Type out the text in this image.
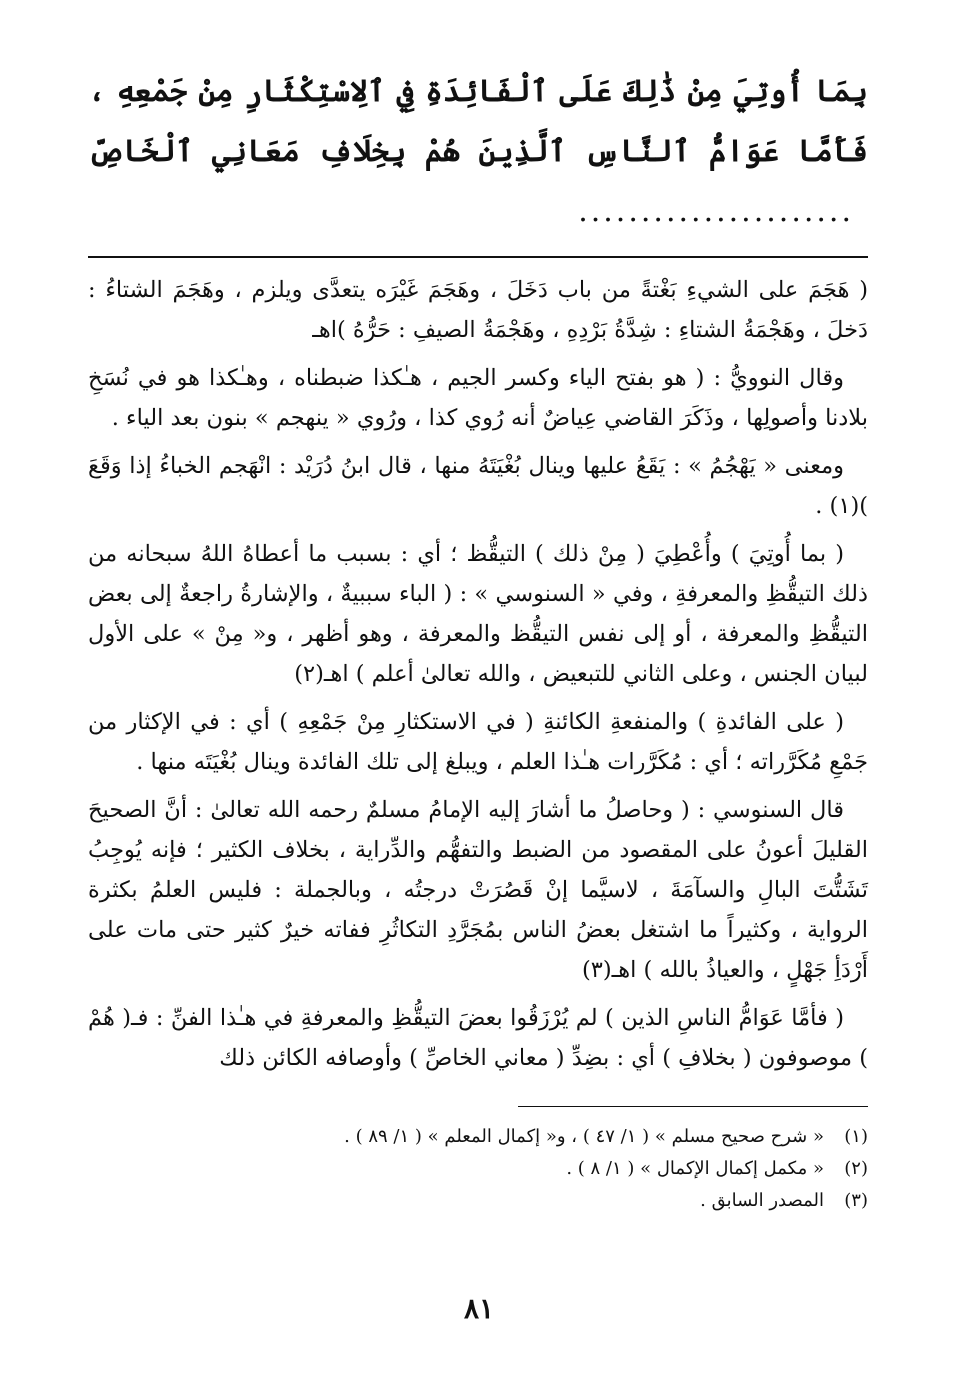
بِمَا أُوتِيَ مِنْ ذَٰلِكَ عَلَى ٱلْفَائِدَةِ فِي ٱلِاسْتِكْثَارِ مِنْ جَمْعِهِ ، فَأَمَّا عَوَامُّ ٱلنَّاسِ ٱلَّذِينَ هُمْ بِخِلَافِ مَعَانِي ٱلْخَاصِّ......................

( هَجَمَ على الشيءِ بَغْتةً من باب دَخَلَ ، وهَجَمَ غَيْرَه يتعدَّى ويلزم ، وهَجَمَ الشتاءُ : دَخلَ ، وهَجْمَةُ الشتاءِ : شِدَّةُ بَرْدِهِ ، وهَجْمَةُ الصيفِ : حَرُّهُ )اهـ

وقال النوويُّ : ( هو بفتح الياء وكسر الجيم ، هـٰكذا ضبطناه ، وهـٰكذا هو في نُسَخِ بلادنا وأصولِها ، وذَكَرَ القاضي عِياضٌ أنه رُوي كذا ، ورُوي « ينهجم » بنون بعد الياء .

ومعنى « يَهْجُمُ » : يَقَعُ عليها وينال بُغْيَتَهُ منها ، قال ابنُ دُرَيْد : انْهَجم الخباءُ إذا وَقَعَ )(١) .

( بما أُوتِيَ ) وأُعْطِيَ ( مِنْ ذلك ) التيقُّظ ؛ أي : بسبب ما أعطاهُ اللهُ سبحانه من ذلك التيقُّظِ والمعرفةِ ، وفي « السنوسي » : ( الباء سببيةٌ ، والإشارةُ راجعةٌ إلى بعض التيقُّظِ والمعرفة ، أو إلى نفس التيقُّظ والمعرفة ، وهو أظهر ، و« مِنْ » على الأول لبيان الجنس ، وعلى الثاني للتبعيض ، والله تعالىٰ أعلم ) اهـ(٢)

( على الفائدةِ ) والمنفعةِ الكائنةِ ( في الاستكثارِ مِنْ جَمْعِهِ ) أي : في الإكثار من جَمْعِ مُكَرَّراته ؛ أي : مُكَرَّرات هـٰذا العلم ، ويبلغ إلى تلك الفائدة وينال بُغْيَتَه منها .

قال السنوسي : ( وحاصلُ ما أشارَ إليه الإمامُ مسلمٌ رحمه الله تعالىٰ : أنَّ الصحيحَ القليلَ أعونُ على المقصود من الضبط والتفهُّم والدِّراية ، بخلاف الكثير ؛ فإنه يُوجِبُ تَشَتُّتَ البالِ والسآمَةَ ، لاسيَّما إنْ قَصُرَتْ درجتُه ، وبالجملة : فليس العلمُ بكثرة الرواية ، وكثيراً ما اشتغل بعضُ الناس بمُجَرَّدِ التكاثُرِ ففاته خيرٌ كثير حتى مات على أَرْدَأِ جَهْلٍ ، والعياذُ بالله ) اهـ(٣)

( فأمَّا عَوَامُّ الناسِ الذين ) لم يُرْزَقُوا بعضَ التيقُّظِ والمعرفةِ في هـٰذا الفنِّ : فـ( هُمْ ) موصوفون ( بخلافِ ) أي : بضِدِّ ( معاني الخاصِّ ) وأوصافه الكائن ذلك

(١)« شرح صحيح مسلم » ( ١/ ٤٧ ) ، و« إكمال المعلم » ( ١/ ٨٩ ) .

(٢)« مكمل إكمال الإكمال » ( ١/ ٨ ) .

(٣)المصدر السابق .

٨١
